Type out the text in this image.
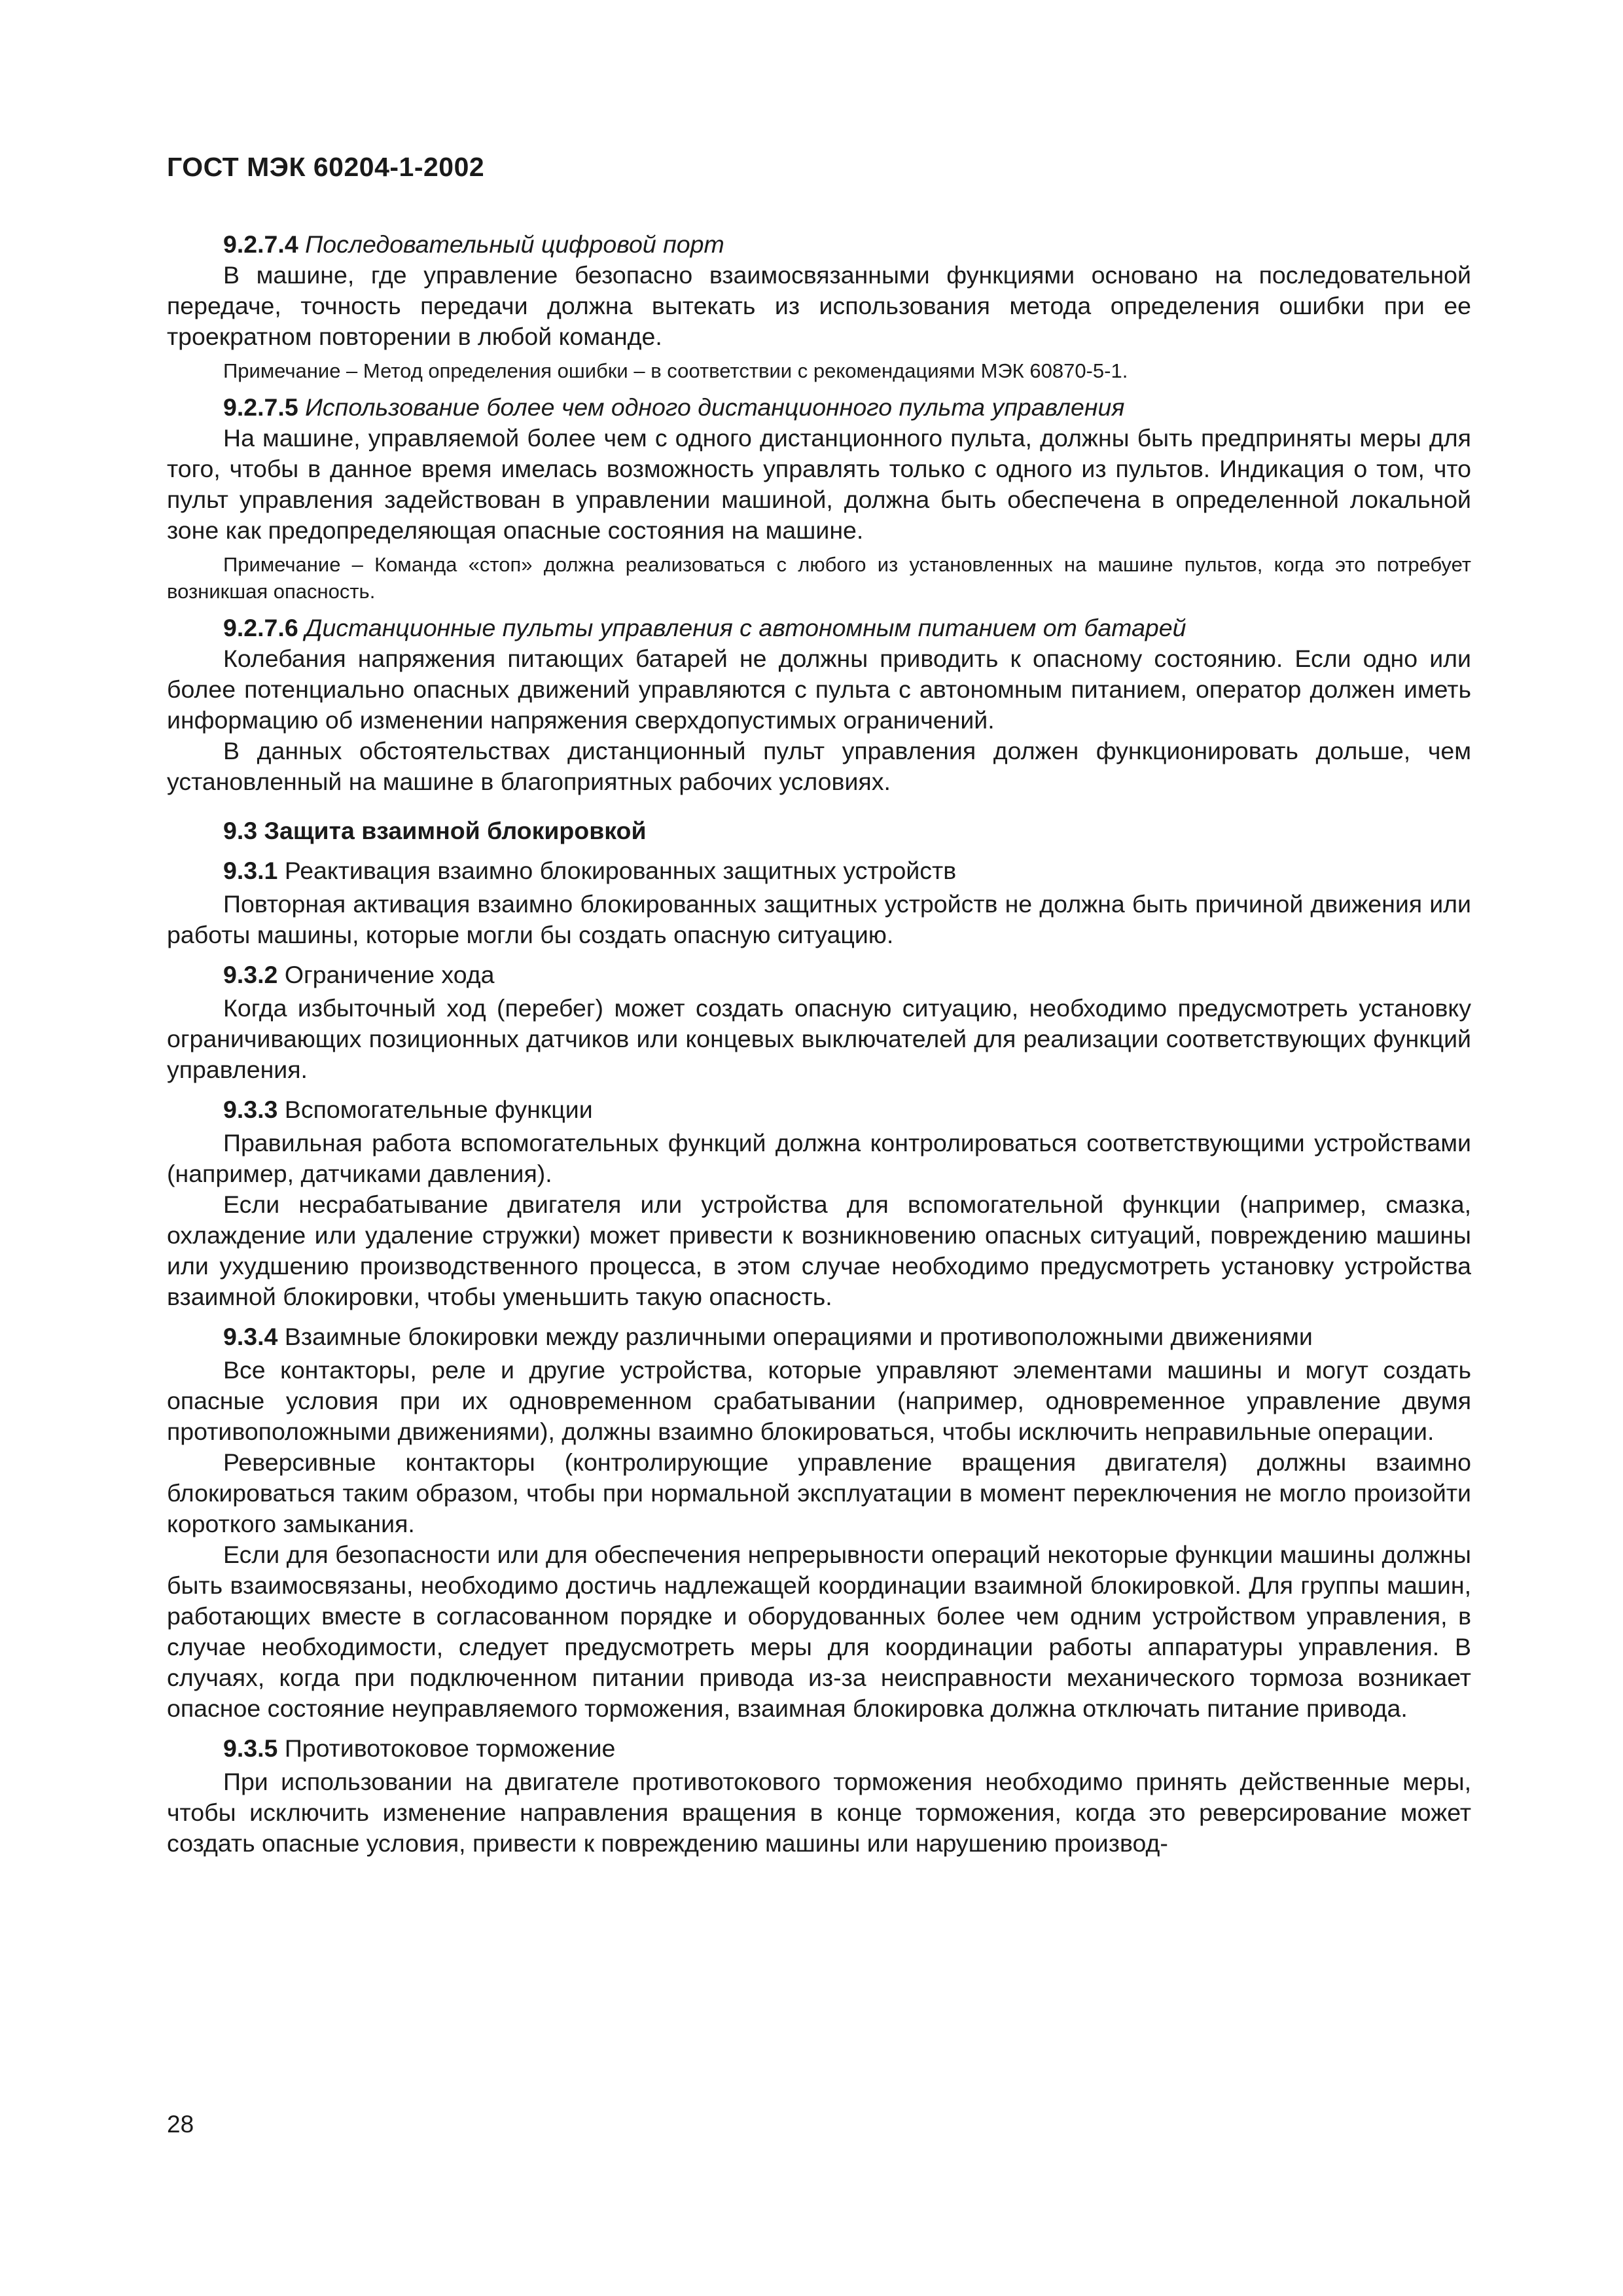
ГОСТ МЭК 60204-1-2002
9.2.7.4 Последовательный цифровой порт

В машине, где управление безопасно взаимосвязанными функциями основано на последовательной передаче, точность передачи должна вытекать из использования метода определения ошибки при ее троекратном повторении в любой команде.

Примечание – Метод определения ошибки – в соответствии с рекомендациями МЭК 60870-5-1.

9.2.7.5 Использование более чем одного дистанционного пульта управления

На машине, управляемой более чем с одного дистанционного пульта, должны быть предприняты меры для того, чтобы в данное время имелась возможность управлять только с одного из пультов. Индикация о том, что пульт управления задействован в управлении машиной, должна быть обеспечена в определенной локальной зоне как предопределяющая опасные состояния на машине.

Примечание – Команда «стоп» должна реализоваться с любого из установленных на машине пультов, когда это потребует возникшая опасность.

9.2.7.6 Дистанционные пульты управления с автономным питанием от батарей

Колебания напряжения питающих батарей не должны приводить к опасному состоянию. Если одно или более потенциально опасных движений управляются с пульта с автономным питанием, оператор должен иметь информацию об изменении напряжения сверхдопустимых ограничений.

В данных обстоятельствах дистанционный пульт управления должен функционировать дольше, чем установленный на машине в благоприятных рабочих условиях.

9.3 Защита взаимной блокировкой
9.3.1 Реактивация взаимно блокированных защитных устройств

Повторная активация взаимно блокированных защитных устройств не должна быть причиной движения или работы машины, которые могли бы создать опасную ситуацию.

9.3.2 Ограничение хода

Когда избыточный ход (перебег) может создать опасную ситуацию, необходимо предусмотреть установку ограничивающих позиционных датчиков или концевых выключателей для реализации соответствующих функций управления.

9.3.3 Вспомогательные функции

Правильная работа вспомогательных функций должна контролироваться соответствующими устройствами (например, датчиками давления).

Если несрабатывание двигателя или устройства для вспомогательной функции (например, смазка, охлаждение или удаление стружки) может привести к возникновению опасных ситуаций, повреждению машины или ухудшению производственного процесса, в этом случае необходимо предусмотреть установку устройства взаимной блокировки, чтобы уменьшить такую опасность.

9.3.4 Взаимные блокировки между различными операциями и противоположными движениями

Все контакторы, реле и другие устройства, которые управляют элементами машины и могут создать опасные условия при их одновременном срабатывании (например, одновременное управление двумя противоположными движениями), должны взаимно блокироваться, чтобы исключить неправильные операции.

Реверсивные контакторы (контролирующие управление вращения двигателя) должны взаимно блокироваться таким образом, чтобы при нормальной эксплуатации в момент переключения не могло произойти короткого замыкания.

Если для безопасности или для обеспечения непрерывности операций некоторые функции машины должны быть взаимосвязаны, необходимо достичь надлежащей координации взаимной блокировкой. Для группы машин, работающих вместе в согласованном порядке и оборудованных более чем одним устройством управления, в случае необходимости, следует предусмотреть меры для координации работы аппаратуры управления. В случаях, когда при подключенном питании привода из-за неисправности механического тормоза возникает опасное состояние неуправляемого торможения, взаимная блокировка должна отключать питание привода.

9.3.5 Противотоковое торможение

При использовании на двигателе противотокового торможения необходимо принять действенные меры, чтобы исключить изменение направления вращения в конце торможения, когда это реверсирование может создать опасные условия, привести к повреждению машины или нарушению производ-

28
